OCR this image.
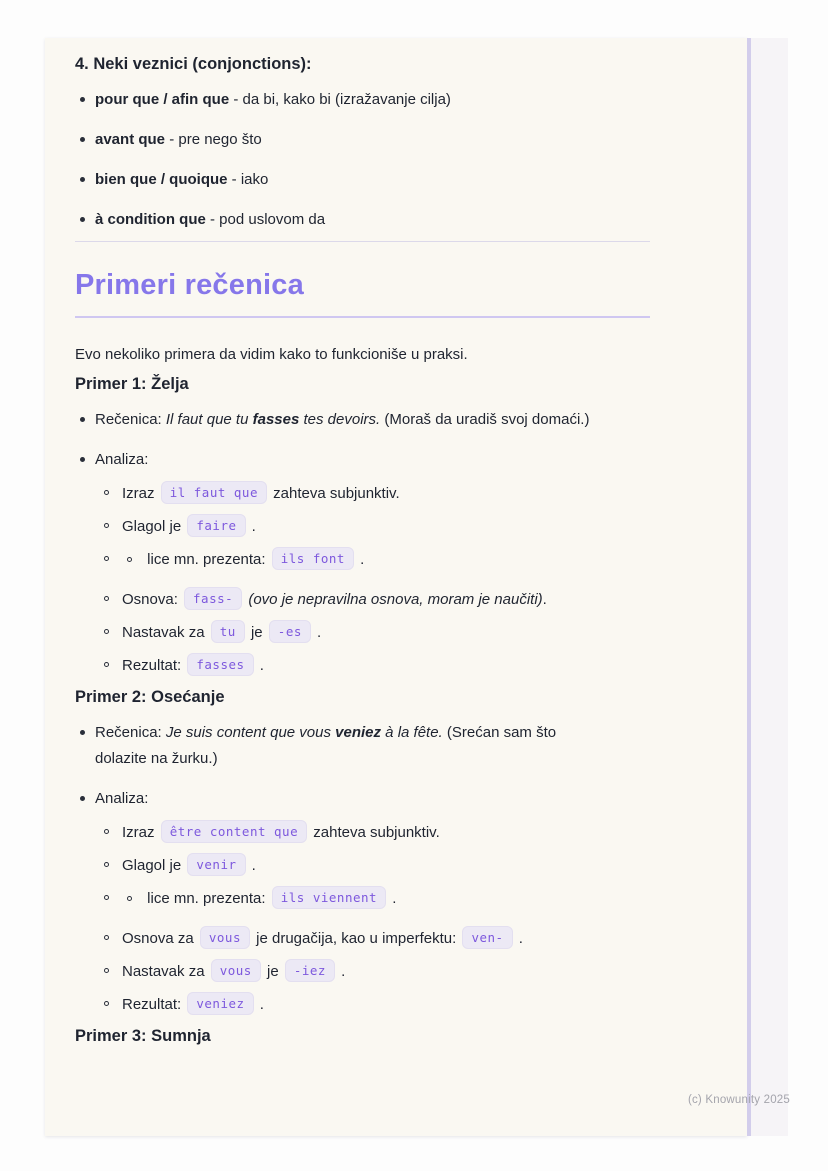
4. Neki veznici (conjonctions):
pour que / afin que - da bi, kako bi (izražavanje cilja)
avant que - pre nego što
bien que / quoique - iako
à condition que - pod uslovom da
Primeri rečenica

Evo nekoliko primera da vidim kako to funkcioniše u praksi.

Primer 1: Želja
Rečenica: Il faut que tu fasses tes devoirs. (Moraš da uradiš svoj domaći.)
Analiza:
Izraz il faut que zahteva subjunktiv.
Glagol je faire .
lice mn. prezenta: ils font .
Osnova: fass- (ovo je nepravilna osnova, moram je naučiti).
Nastavak za tu je -es .
Rezultat: fasses .
Primer 2: Osećanje
Rečenica: Je suis content que vous veniez à la fête. (Srećan sam što
dolazite na žurku.)
Analiza:
Izraz être content que zahteva subjunktiv.
Glagol je venir .
lice mn. prezenta: ils viennent .
Osnova za vous je drugačija, kao u imperfektu: ven- .
Nastavak za vous je -iez .
Rezultat: veniez .
Primer 3: Sumnja
(c) Knowunity 2025
